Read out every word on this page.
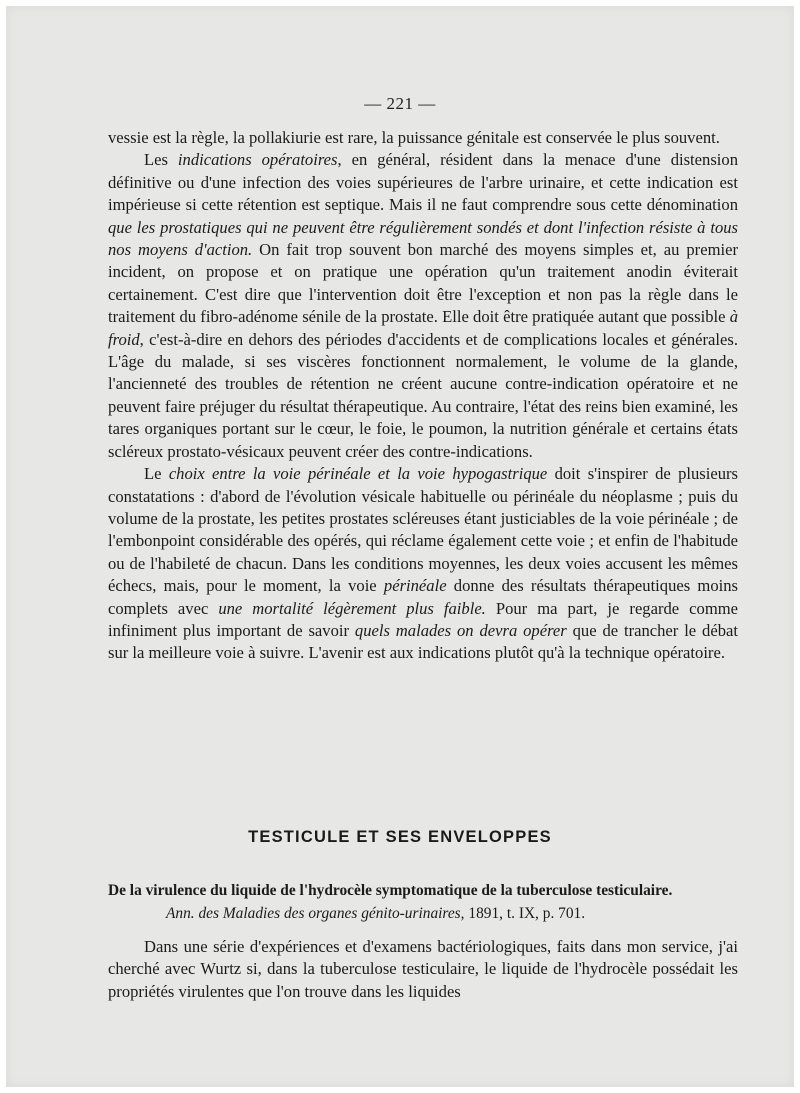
— 221 —

vessie est la règle, la pollakiurie est rare, la puissance génitale est conservée le plus souvent.

Les indications opératoires, en général, résident dans la menace d'une distension définitive ou d'une infection des voies supérieures de l'arbre urinaire, et cette indication est impérieuse si cette rétention est septique. Mais il ne faut comprendre sous cette dénomination que les prostatiques qui ne peuvent être régulièrement sondés et dont l'infection résiste à tous nos moyens d'action. On fait trop souvent bon marché des moyens simples et, au premier incident, on propose et on pratique une opération qu'un traitement anodin éviterait certainement. C'est dire que l'intervention doit être l'exception et non pas la règle dans le traitement du fibro-adénome sénile de la prostate. Elle doit être pratiquée autant que possible à froid, c'est-à-dire en dehors des périodes d'accidents et de complications locales et générales. L'âge du malade, si ses viscères fonctionnent normalement, le volume de la glande, l'ancienneté des troubles de rétention ne créent aucune contre-indication opératoire et ne peuvent faire préjuger du résultat thérapeutique. Au contraire, l'état des reins bien examiné, les tares organiques portant sur le cœur, le foie, le poumon, la nutrition générale et certains états scléreux prostato-vésicaux peuvent créer des contre-indications.

Le choix entre la voie périnéale et la voie hypogastrique doit s'inspirer de plusieurs constatations : d'abord de l'évolution vésicale habituelle ou périnéale du néoplasme ; puis du volume de la prostate, les petites prostates scléreuses étant justiciables de la voie périnéale ; de l'embonpoint considérable des opérés, qui réclame également cette voie ; et enfin de l'habitude ou de l'habileté de chacun. Dans les conditions moyennes, les deux voies accusent les mêmes échecs, mais, pour le moment, la voie périnéale donne des résultats thérapeutiques moins complets avec une mortalité légèrement plus faible. Pour ma part, je regarde comme infiniment plus important de savoir quels malades on devra opérer que de trancher le débat sur la meilleure voie à suivre. L'avenir est aux indications plutôt qu'à la technique opératoire.

TESTICULE ET SES ENVELOPPES
De la virulence du liquide de l'hydrocèle symptomatique de la tuberculose testiculaire.
Ann. des Maladies des organes génito-urinaires, 1891, t. IX, p. 701.

Dans une série d'expériences et d'examens bactériologiques, faits dans mon service, j'ai cherché avec Wurtz si, dans la tuberculose testiculaire, le liquide de l'hydrocèle possédait les propriétés virulentes que l'on trouve dans les liquides
